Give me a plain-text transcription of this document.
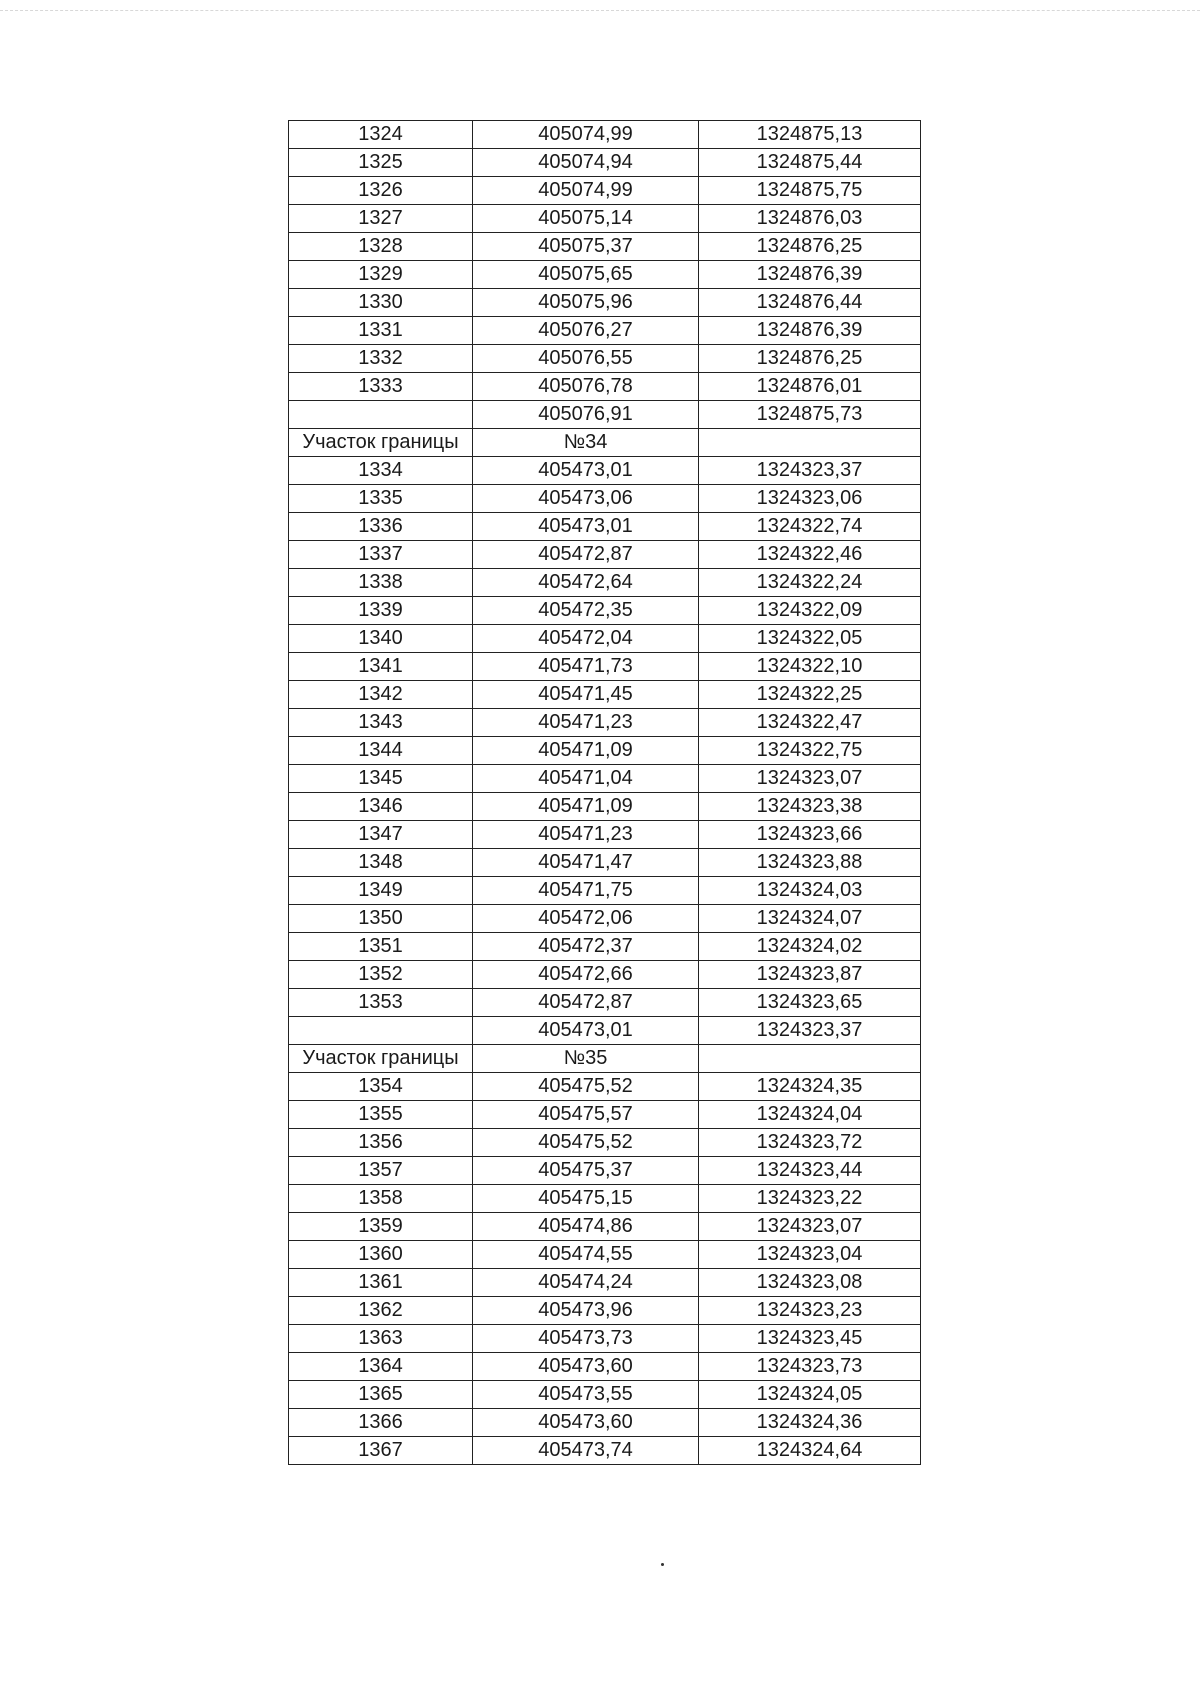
1324	405074,99	1324875,13
1325	405074,94	1324875,44
1326	405074,99	1324875,75
1327	405075,14	1324876,03
1328	405075,37	1324876,25
1329	405075,65	1324876,39
1330	405075,96	1324876,44
1331	405076,27	1324876,39
1332	405076,55	1324876,25
1333	405076,78	1324876,01
	405076,91	1324875,73
Участок границы	№34	
1334	405473,01	1324323,37
1335	405473,06	1324323,06
1336	405473,01	1324322,74
1337	405472,87	1324322,46
1338	405472,64	1324322,24
1339	405472,35	1324322,09
1340	405472,04	1324322,05
1341	405471,73	1324322,10
1342	405471,45	1324322,25
1343	405471,23	1324322,47
1344	405471,09	1324322,75
1345	405471,04	1324323,07
1346	405471,09	1324323,38
1347	405471,23	1324323,66
1348	405471,47	1324323,88
1349	405471,75	1324324,03
1350	405472,06	1324324,07
1351	405472,37	1324324,02
1352	405472,66	1324323,87
1353	405472,87	1324323,65
	405473,01	1324323,37
Участок границы	№35	
1354	405475,52	1324324,35
1355	405475,57	1324324,04
1356	405475,52	1324323,72
1357	405475,37	1324323,44
1358	405475,15	1324323,22
1359	405474,86	1324323,07
1360	405474,55	1324323,04
1361	405474,24	1324323,08
1362	405473,96	1324323,23
1363	405473,73	1324323,45
1364	405473,60	1324323,73
1365	405473,55	1324324,05
1366	405473,60	1324324,36
1367	405473,74	1324324,64
